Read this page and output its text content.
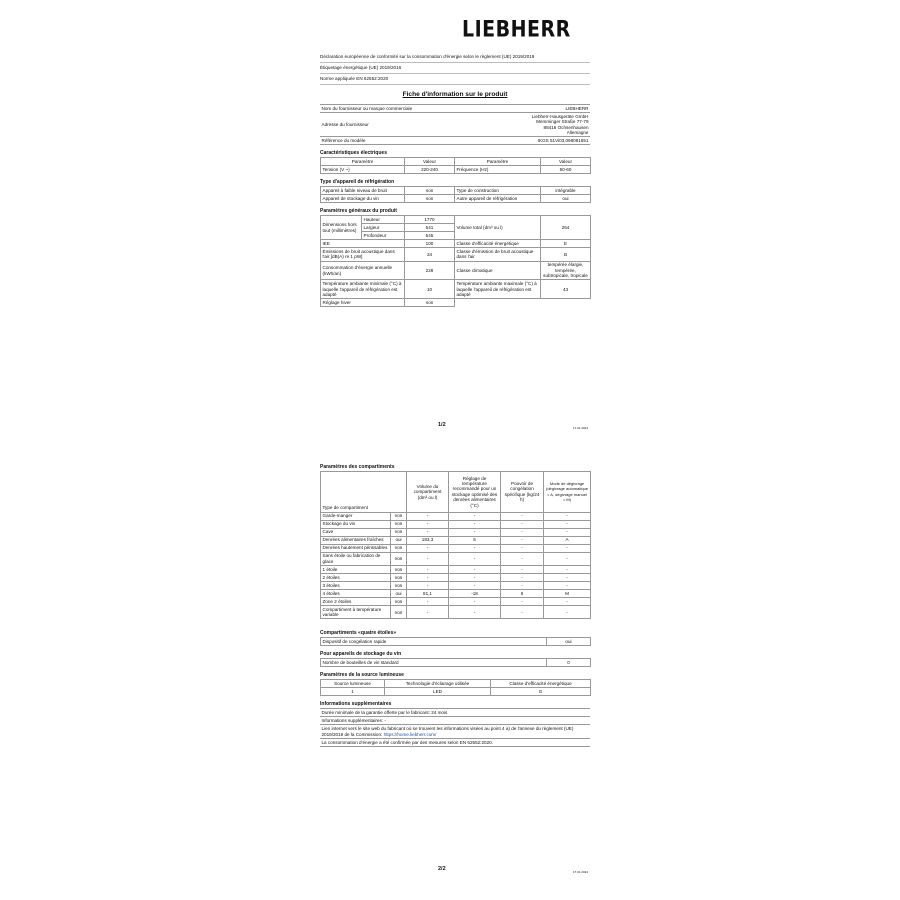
LIEBHERR
Déclaration européenne de conformité sur la consommation d'énergie selon le règlement (UE) 2019/2019
Étiquetage énergétique (UE) 2019/2016
Norme appliquée EN 62552:2020
Fiche d'information sur le produit
Nom du fournisseur ou marque commerciale	LIEBHERR
Adresse du fournisseur	Liebherr-Hausgeräte GmbH
Memminger Straße 77-79
88416 Ochsenhausen
Allemagne

Référence du modèle	IKGS 51Vi03,098081651
Caractéristiques électriques
Paramètre	Valeur	Paramètre	Valeur
Tension (V ~)	220-240	Fréquence (Hz)	50-60
Type d'appareil de réfrigération
Appareil à faible niveau de bruit	non	Type de construction	intégrable
Appareil de stockage du vin	non	Autre appareil de réfrigération	oui
Paramètres généraux du produit
Dimensions hors tout (millimètres)	Hauteur	1770	Volume total (dm³ ou l)	264
	Largeur	541		
	Profondeur	545		
IEE		100	Classe d'efficacité énergétique	E
Émissions de bruit acoustique dans l'air [dB(A) re 1 pW]		34	Classe d'émission de bruit acoustique dans l'air	B
Consommation d'énergie annuelle (kWh/an)		228	Classe climatique	tempérée élargie, tempérée, subtropicale, tropicale
Température ambiante minimale (°C) à laquelle l'appareil de réfrigération est adapté		10	Température ambiante maximale (°C) à laquelle l'appareil de réfrigération est adapté	43
Réglage hiver		non		
1/2	17.01.2024
Paramètres des compartiments
Type de compartiment		Volume du compartiment (dm³ ou l)	Réglage de température recommandé pour un stockage optimisé des denrées alimentaires (°C)	Pouvoir de congélation spécifique (kg/24 h)	Mode de dégivrage (dégivrage automatique = A, dégivrage manuel = M)
Garde-manger	non	-	-	-	-
Stockage du vin	non	-	-	-	-
Cave	non	-	-	-	-
Denrées alimentaires fraîches	oui	183,3	5	-	A
Denrées hautement périssables	non	-	-	-	-
Sans étoile ou fabrication de glace	non	-	-	-	-
1 étoile	non	-	-	-	-
2 étoiles	non	-	-	-	-
3 étoiles	non	-	-	-	-
4 étoiles	oui	81,1	-18	6	M
Zone 2 étoiles	non	-	-	-	-
Compartiment à température variable	non	-	-	-	-
Compartiments «quatre étoiles»
Dispositif de congélation rapide	oui
Pour appareils de stockage du vin
Nombre de bouteilles de vin standard	0
Paramètres de la source lumineuse
Source lumineuse	Technologie d'éclairage utilisée	Classe d'efficacité énergétique
1	LED	G
Informations supplémentaires
Durée minimale de la garantie offerte par le fabricant: 24 mois
Informations supplémentaires: -
Lien internet vers le site web du fabricant où se trouvent les informations visées au point 4 a) de l'annexe du règlement (UE) 2019/2019 de la Commission: https://home.liebherr.com/
La consommation d'énergie a été confirmée par des mesures selon EN 62552:2020.
2/2	17.01.2024
